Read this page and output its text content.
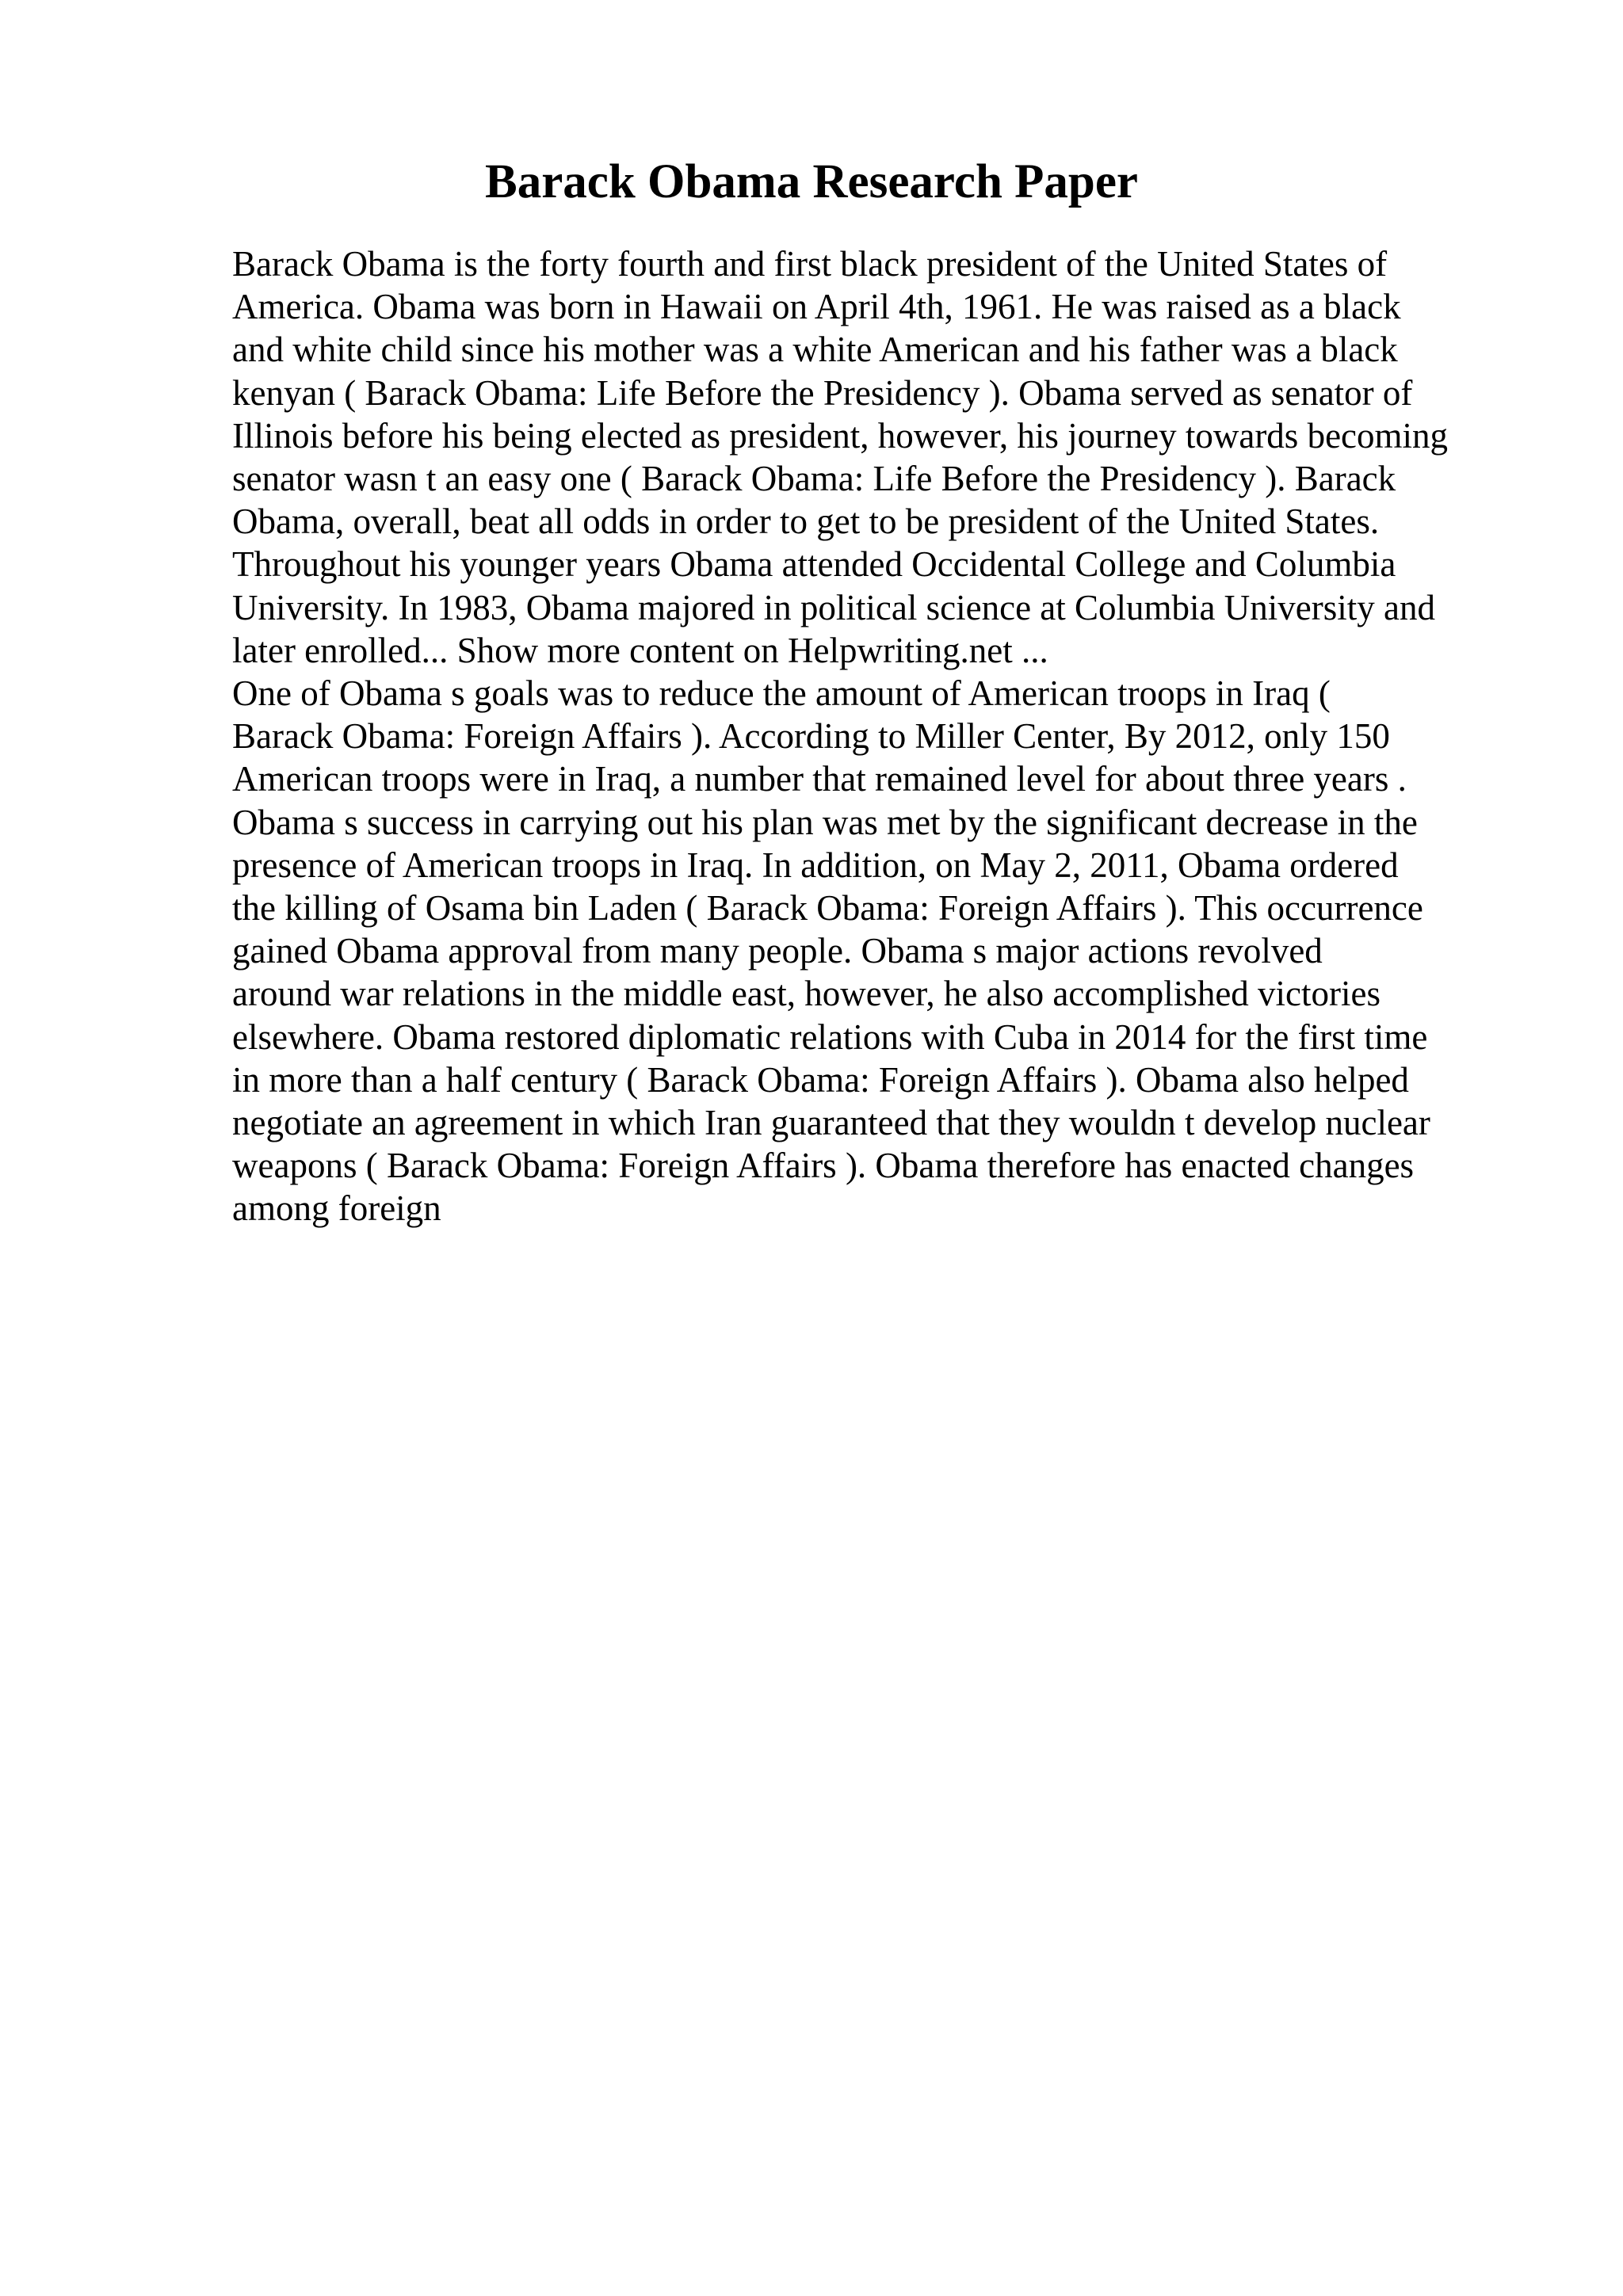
Barack Obama Research Paper
Barack Obama is the forty fourth and first black president of the United States of
America. Obama was born in Hawaii on April 4th, 1961. He was raised as a black
and white child since his mother was a white American and his father was a black
kenyan ( Barack Obama: Life Before the Presidency ). Obama served as senator of
Illinois before his being elected as president, however, his journey towards becoming
senator wasn t an easy one ( Barack Obama: Life Before the Presidency ). Barack
Obama, overall, beat all odds in order to get to be president of the United States.
Throughout his younger years Obama attended Occidental College and Columbia
University. In 1983, Obama majored in political science at Columbia University and
later enrolled... Show more content on Helpwriting.net ...
One of Obama s goals was to reduce the amount of American troops in Iraq (
Barack Obama: Foreign Affairs ). According to Miller Center, By 2012, only 150
American troops were in Iraq, a number that remained level for about three years .
Obama s success in carrying out his plan was met by the significant decrease in the
presence of American troops in Iraq. In addition, on May 2, 2011, Obama ordered
the killing of Osama bin Laden ( Barack Obama: Foreign Affairs ). This occurrence
gained Obama approval from many people. Obama s major actions revolved
around war relations in the middle east, however, he also accomplished victories
elsewhere. Obama restored diplomatic relations with Cuba in 2014 for the first time
in more than a half century ( Barack Obama: Foreign Affairs ). Obama also helped
negotiate an agreement in which Iran guaranteed that they wouldn t develop nuclear
weapons ( Barack Obama: Foreign Affairs ). Obama therefore has enacted changes
among foreign
